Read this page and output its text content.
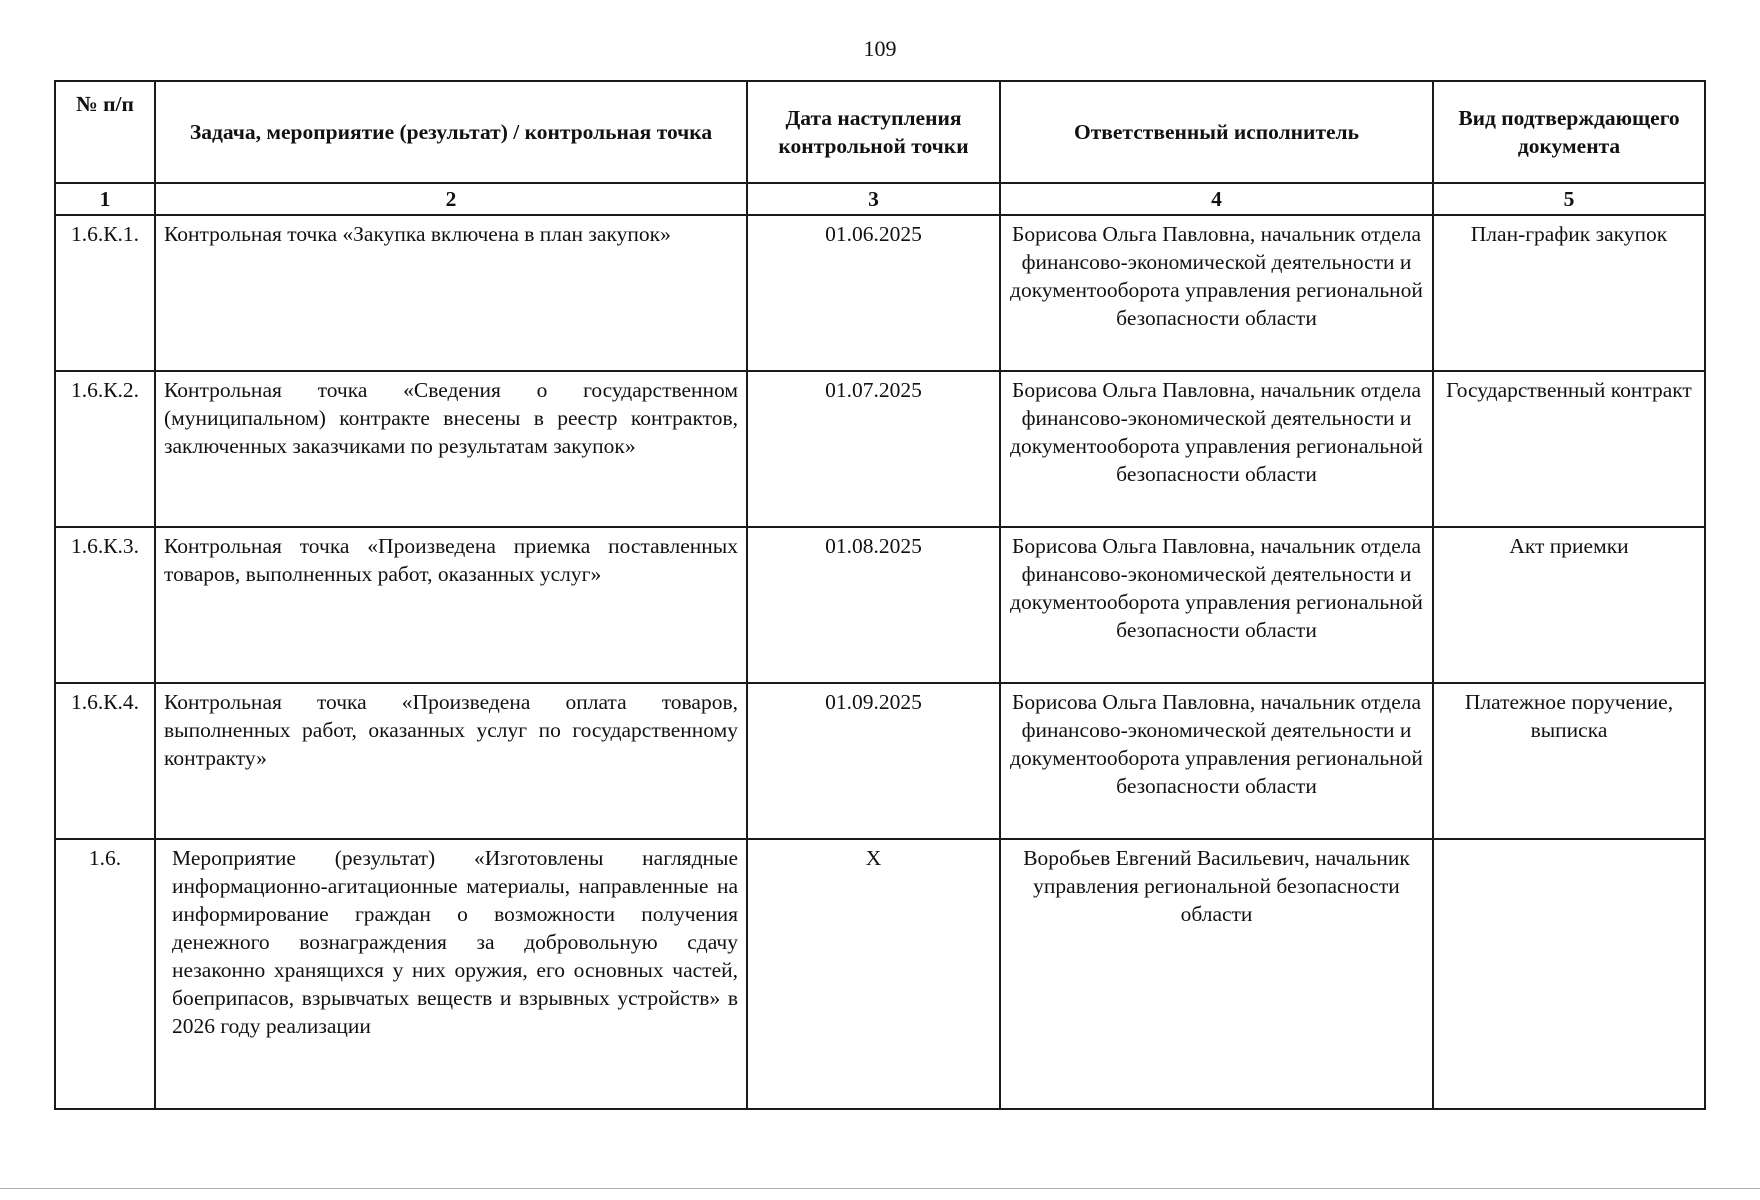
109
№ п/п	Задача, мероприятие (результат) / контрольная точка	Дата наступления контрольной точки	Ответственный исполнитель	Вид подтверждающего документа
1	2	3	4	5
1.6.К.1.	Контрольная точка «Закупка включена в план закупок»	01.06.2025	Борисова Ольга Павловна, начальник отдела финансово-экономической деятельности и документооборота управления региональной безопасности области	План-график закупок
1.6.К.2.	Контрольная точка «Сведения о государственном (муниципальном) контракте внесены в реестр контрактов, заключенных заказчиками по результатам закупок»	01.07.2025	Борисова Ольга Павловна, начальник отдела финансово-экономической деятельности и документооборота управления региональной безопасности области	Государственный контракт
1.6.К.3.	Контрольная точка «Произведена приемка поставленных товаров, выполненных работ, оказанных услуг»	01.08.2025	Борисова Ольга Павловна, начальник отдела финансово-экономической деятельности и документооборота управления региональной безопасности области	Акт приемки
1.6.К.4.	Контрольная точка «Произведена оплата товаров, выполненных работ, оказанных услуг по государственному контракту»	01.09.2025	Борисова Ольга Павловна, начальник отдела финансово-экономической деятельности и документооборота управления региональной безопасности области	Платежное поручение, выписка
1.6.	Мероприятие (результат) «Изготовлены наглядные информационно-агитационные материалы, направленные на информирование граждан о возможности получения денежного вознаграждения за добровольную сдачу незаконно хранящихся у них оружия, его основных частей, боеприпасов, взрывчатых веществ и взрывных устройств» в 2026 году реализации	Х	Воробьев Евгений Васильевич, начальник управления региональной безопасности области	
